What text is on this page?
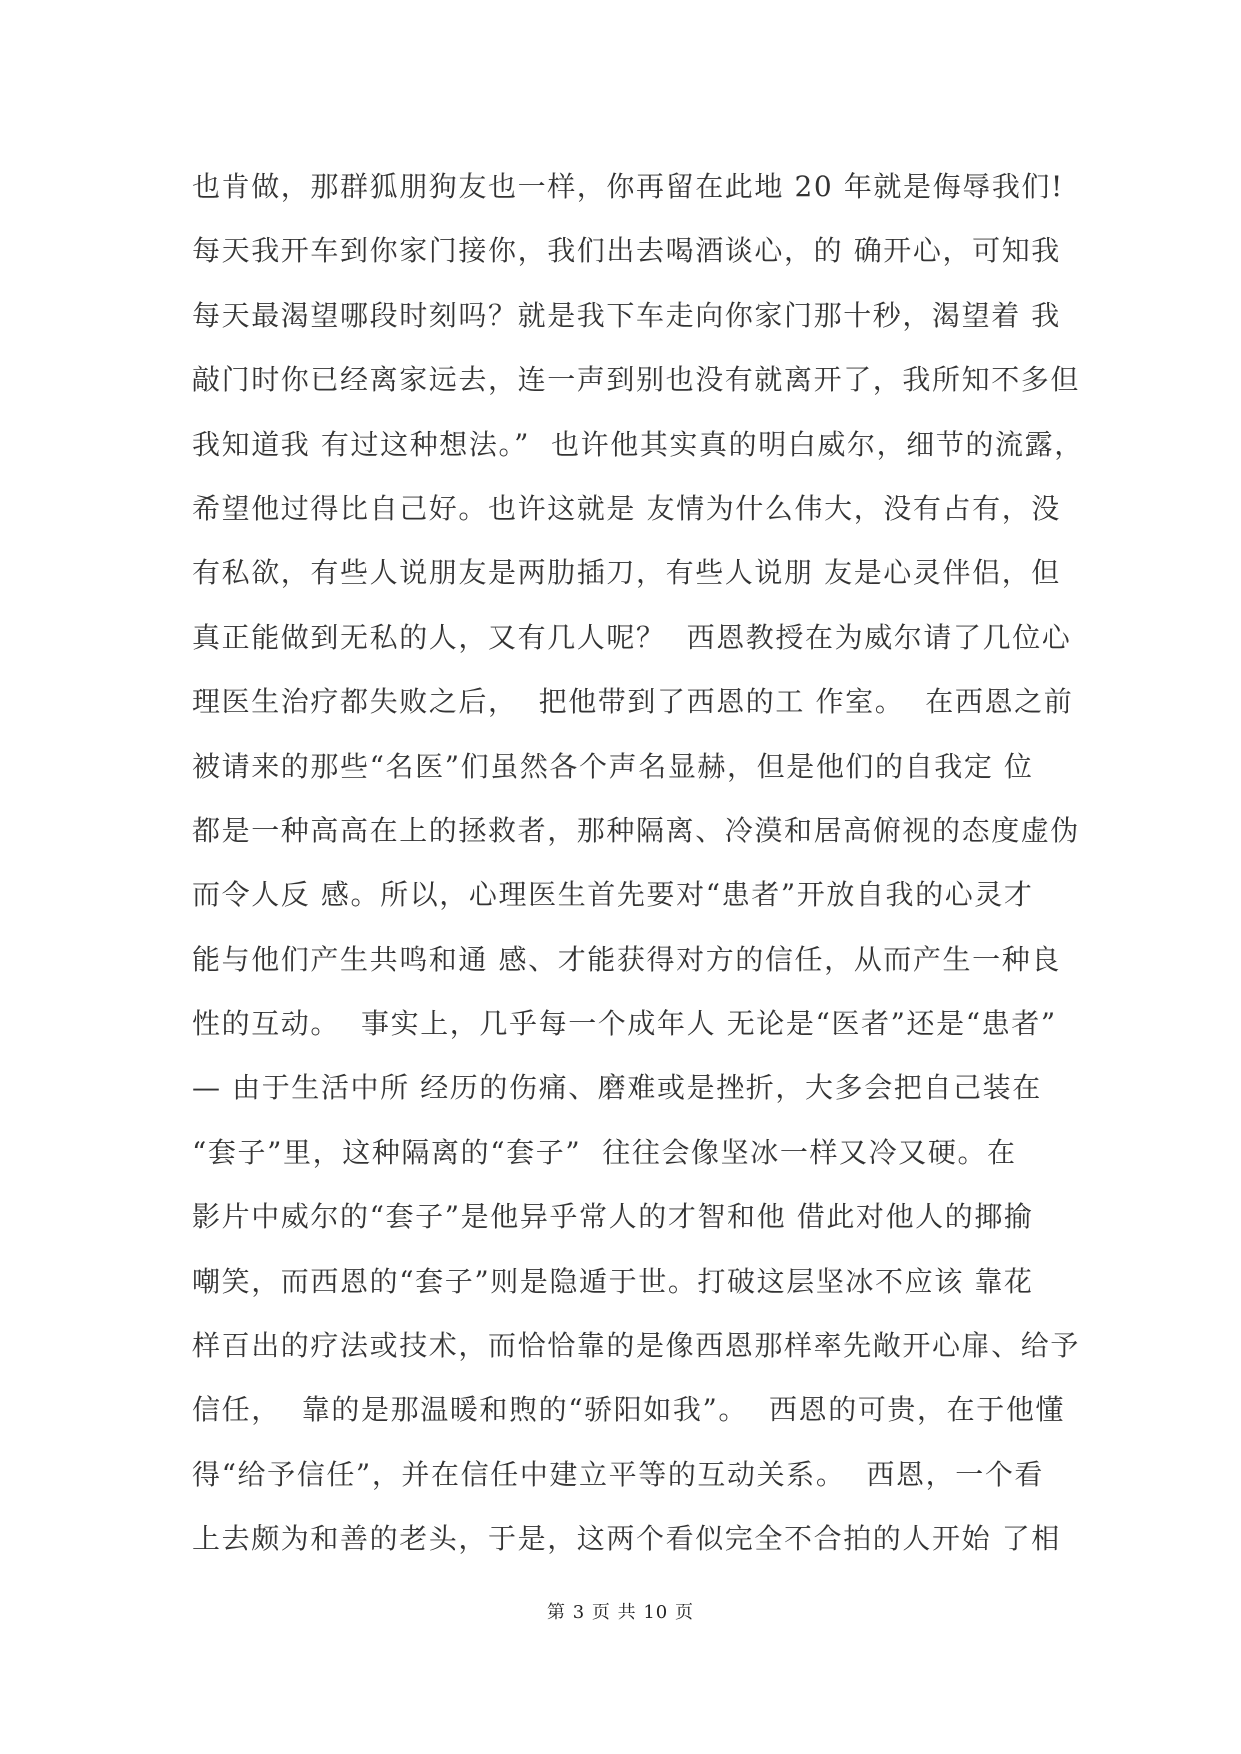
也肯做，那群狐朋狗友也一样，你再留在此地 20 年就是侮辱我们!
每天我开车到你家门接你，我们出去喝酒谈心，的 确开心，可知我
每天最渴望哪段时刻吗？就是我下车走向你家门那十秒，渴望着 我
敲门时你已经离家远去，连一声到别也没有就离开了，我所知不多但
我知道我 有过这种想法。”  也许他其实真的明白威尔，细节的流露，
希望他过得比自己好。也许这就是 友情为什么伟大，没有占有，没
有私欲，有些人说朋友是两肋插刀，有些人说朋 友是心灵伴侣，但
真正能做到无私的人，又有几人呢？  西恩教授在为威尔请了几位心
理医生治疗都失败之后，  把他带到了西恩的工 作室。  在西恩之前
被请来的那些“名医”们虽然各个声名显赫，但是他们的自我定 位
都是一种高高在上的拯救者，那种隔离、冷漠和居高俯视的态度虚伪
而令人反 感。所以，心理医生首先要对“患者”开放自我的心灵才
能与他们产生共鸣和通 感、才能获得对方的信任，从而产生一种良
性的互动。  事实上，几乎每一个成年人 无论是“医者”还是“患者”
— 由于生活中所 经历的伤痛、磨难或是挫折，大多会把自己装在
“套子”里，这种隔离的“套子”  往往会像坚冰一样又冷又硬。在
影片中威尔的“套子”是他异乎常人的才智和他 借此对他人的揶揄
嘲笑，而西恩的“套子”则是隐遁于世。打破这层坚冰不应该 靠花
样百出的疗法或技术，而恰恰靠的是像西恩那样率先敞开心扉、给予
信任，  靠的是那温暖和煦的“骄阳如我”。  西恩的可贵，在于他懂
得“给予信任”，并在信任中建立平等的互动关系。  西恩，一个看
上去颇为和善的老头，于是，这两个看似完全不合拍的人开始 了相
第 3 页 共 10 页
